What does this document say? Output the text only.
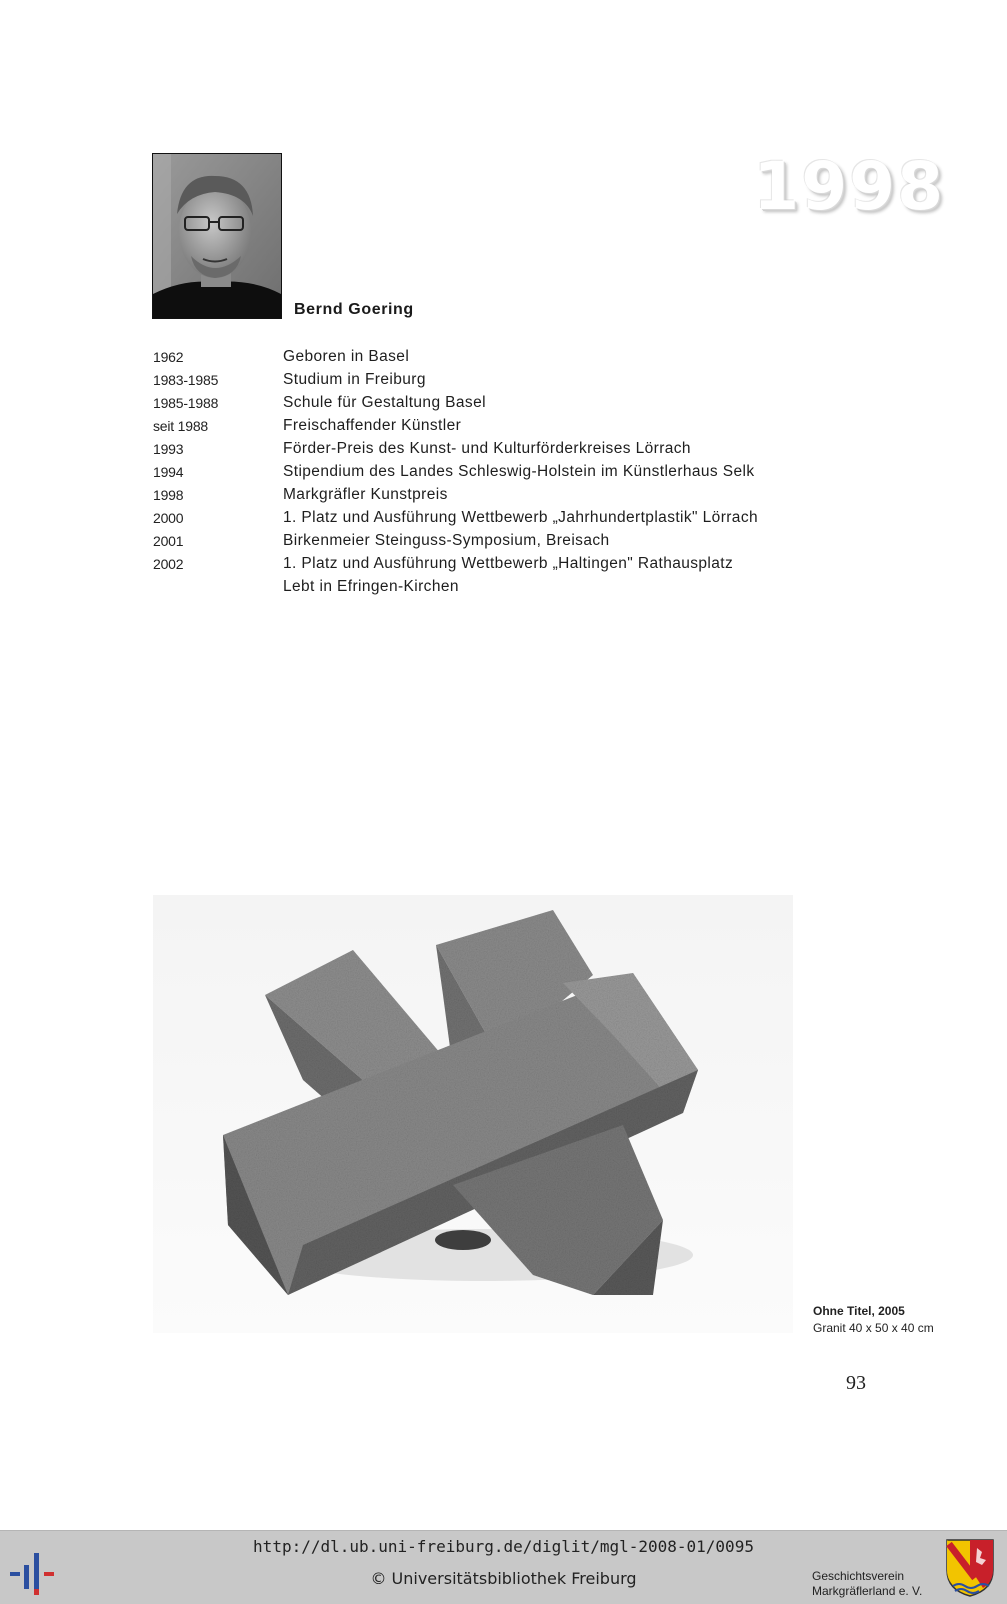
Bernd Goering
1998
1962	Geboren in Basel
1983-1985	Studium in Freiburg
1985-1988	Schule für Gestaltung Basel
seit 1988	Freischaffender Künstler
1993	Förder-Preis des Kunst- und Kulturförderkreises Lörrach
1994	Stipendium des Landes Schleswig-Holstein im Künstlerhaus Selk
1998	Markgräfler Kunstpreis
2000	1. Platz und Ausführung Wettbewerb „Jahrhundertplastik" Lörrach
2001	Birkenmeier Steinguss-Symposium, Breisach
2002	1. Platz und Ausführung Wettbewerb „Haltingen" Rathausplatz
Lebt in Efringen-Kirchen
Ohne Titel, 2005
Granit 40 x 50 x 40 cm
93
http://dl.ub.uni-freiburg.de/diglit/mgl-2008-01/0095
© Universitätsbibliothek Freiburg	Geschichtsverein
Markgräflerland e. V.
